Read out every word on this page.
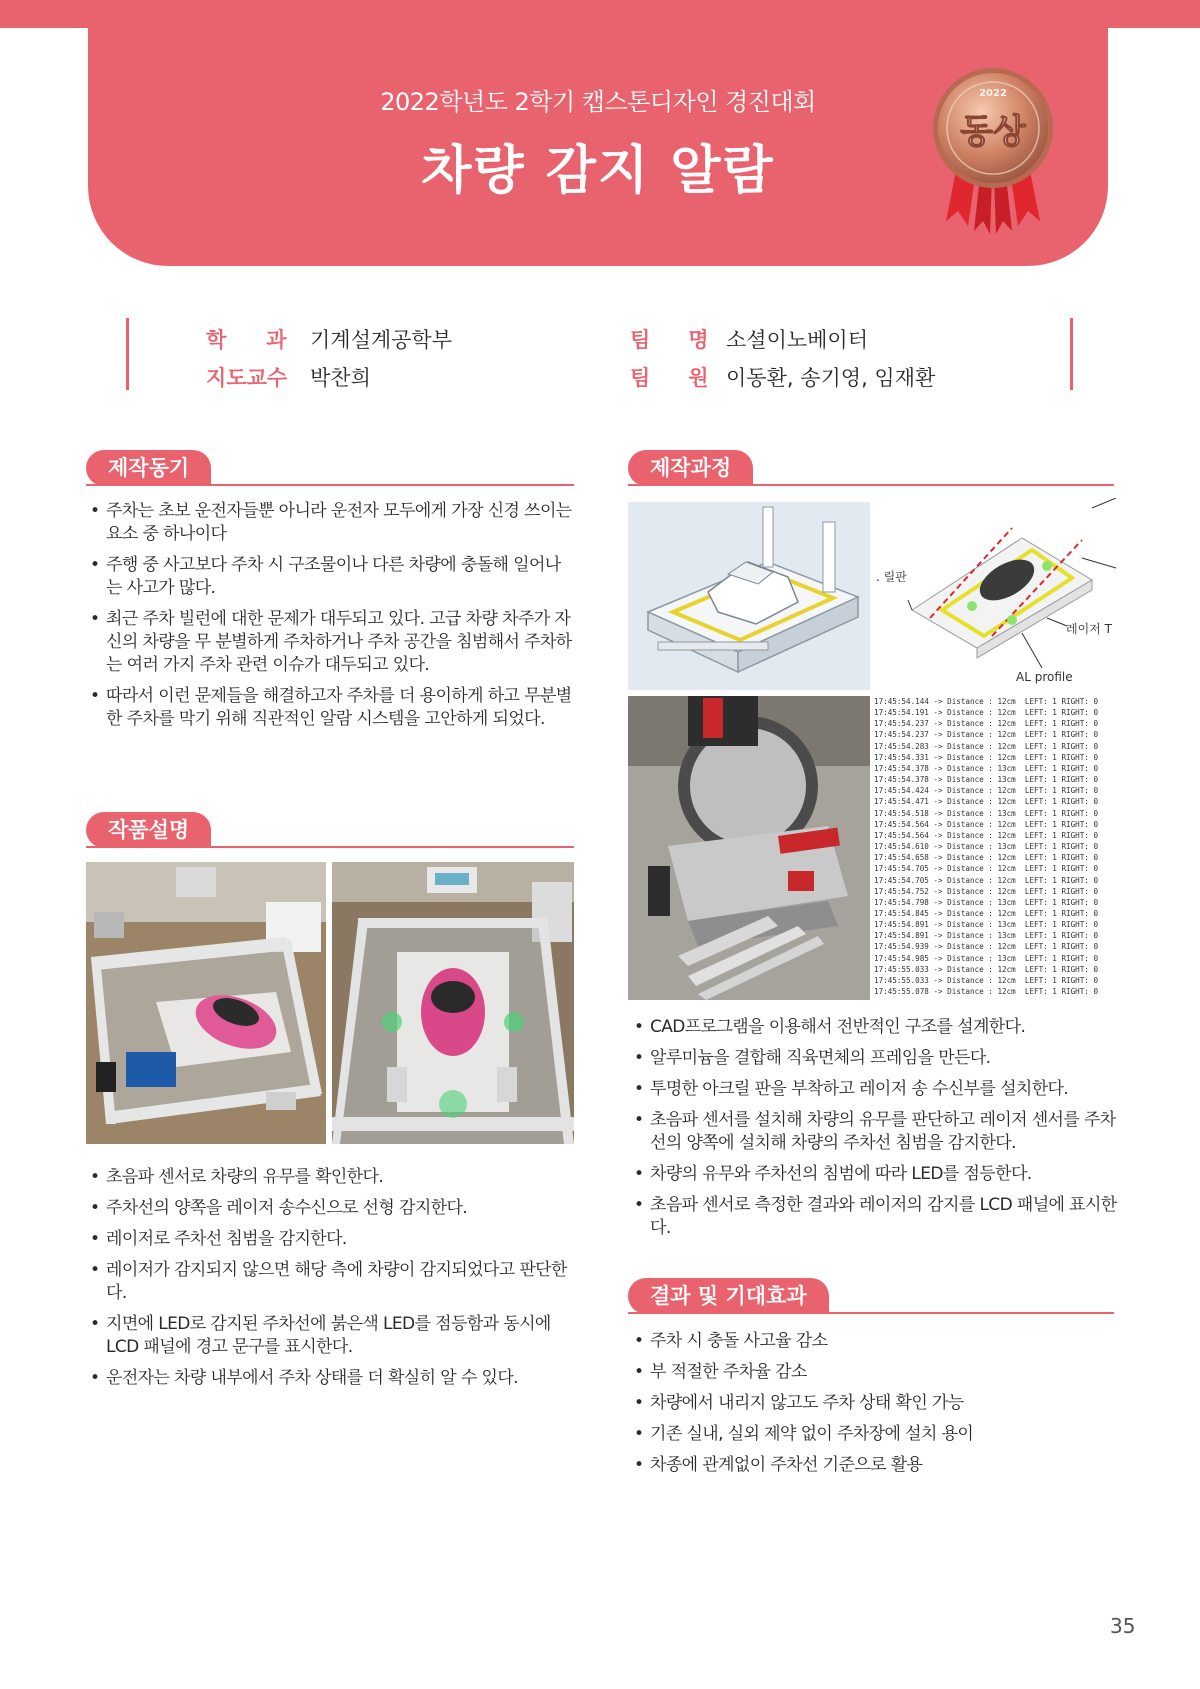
2022학년도 2학기 캡스톤디자인 경진대회
차량 감지 알람
2022
동상
학 과 기계설계공학부
지도교수 박찬희
팀 명 소셜이노베이터
팀 원 이동환, 송기영, 임재환
제작동기
• 주차는 초보 운전자들뿐 아니라 운전자 모두에게 가장 신경 쓰이는 요소 중 하나이다
• 주행 중 사고보다 주차 시 구조물이나 다른 차량에 충돌해 일어나는 사고가 많다.
• 최근 주차 빌런에 대한 문제가 대두되고 있다. 고급 차량 차주가 자신의 차량을 무 분별하게 주차하거나 주차 공간을 침범해서 주차하는 여러 가지 주차 관련 이슈가 대두되고 있다.
• 따라서 이런 문제들을 해결하고자 주차를 더 용이하게 하고 무분별한 주차를 막기 위해 직관적인 알람 시스템을 고안하게 되었다.
작품설명
• 초음파 센서로 차량의 유무를 확인한다.
• 주차선의 양쪽을 레이저 송수신으로 선형 감지한다.
• 레이저로 주차선 침범을 감지한다.
• 레이저가 감지되지 않으면 해당 측에 차량이 감지되었다고 판단한다.
• 지면에 LED로 감지된 주차선에 붉은색 LED를 점등함과 동시에 LCD 패널에 경고 문구를 표시한다.
• 운전자는 차량 내부에서 주차 상태를 더 확실히 알 수 있다.
제작과정
. 릴판
레이저 T
AL profile
17:45:54.144 -> Distance : 12cm  LEFT: 1 RIGHT: 0
17:45:54.191 -> Distance : 12cm  LEFT: 1 RIGHT: 0
17:45:54.237 -> Distance : 12cm  LEFT: 1 RIGHT: 0
17:45:54.237 -> Distance : 12cm  LEFT: 1 RIGHT: 0
17:45:54.283 -> Distance : 12cm  LEFT: 1 RIGHT: 0
17:45:54.331 -> Distance : 12cm  LEFT: 1 RIGHT: 0
17:45:54.378 -> Distance : 13cm  LEFT: 1 RIGHT: 0
17:45:54.378 -> Distance : 13cm  LEFT: 1 RIGHT: 0
17:45:54.424 -> Distance : 12cm  LEFT: 1 RIGHT: 0
17:45:54.471 -> Distance : 12cm  LEFT: 1 RIGHT: 0
17:45:54.518 -> Distance : 13cm  LEFT: 1 RIGHT: 0
17:45:54.564 -> Distance : 12cm  LEFT: 1 RIGHT: 0
17:45:54.564 -> Distance : 12cm  LEFT: 1 RIGHT: 0
17:45:54.610 -> Distance : 13cm  LEFT: 1 RIGHT: 0
17:45:54.658 -> Distance : 12cm  LEFT: 1 RIGHT: 0
17:45:54.705 -> Distance : 12cm  LEFT: 1 RIGHT: 0
17:45:54.705 -> Distance : 12cm  LEFT: 1 RIGHT: 0
17:45:54.752 -> Distance : 12cm  LEFT: 1 RIGHT: 0
17:45:54.798 -> Distance : 13cm  LEFT: 1 RIGHT: 0
17:45:54.845 -> Distance : 12cm  LEFT: 1 RIGHT: 0
17:45:54.891 -> Distance : 13cm  LEFT: 1 RIGHT: 0
17:45:54.891 -> Distance : 13cm  LEFT: 1 RIGHT: 0
17:45:54.939 -> Distance : 12cm  LEFT: 1 RIGHT: 0
17:45:54.985 -> Distance : 13cm  LEFT: 1 RIGHT: 0
17:45:55.033 -> Distance : 12cm  LEFT: 1 RIGHT: 0
17:45:55.033 -> Distance : 12cm  LEFT: 1 RIGHT: 0
17:45:55.078 -> Distance : 12cm  LEFT: 1 RIGHT: 0
• CAD프로그램을 이용해서 전반적인 구조를 설계한다.
• 알루미늄을 결합해 직육면체의 프레임을 만든다.
• 투명한 아크릴 판을 부착하고 레이저 송 수신부를 설치한다.
• 초음파 센서를 설치해 차량의 유무를 판단하고 레이저 센서를 주차선의 양쪽에 설치해 차량의 주차선 침범을 감지한다.
• 차량의 유무와 주차선의 침범에 따라 LED를 점등한다.
• 초음파 센서로 측정한 결과와 레이저의 감지를 LCD 패널에 표시한다.
결과 및 기대효과
• 주차 시 충돌 사고율 감소
• 부 적절한 주차율 감소
• 차량에서 내리지 않고도 주차 상태 확인 가능
• 기존 실내, 실외 제약 없이 주차장에 설치 용이
• 차종에 관계없이 주차선 기준으로 활용
35
